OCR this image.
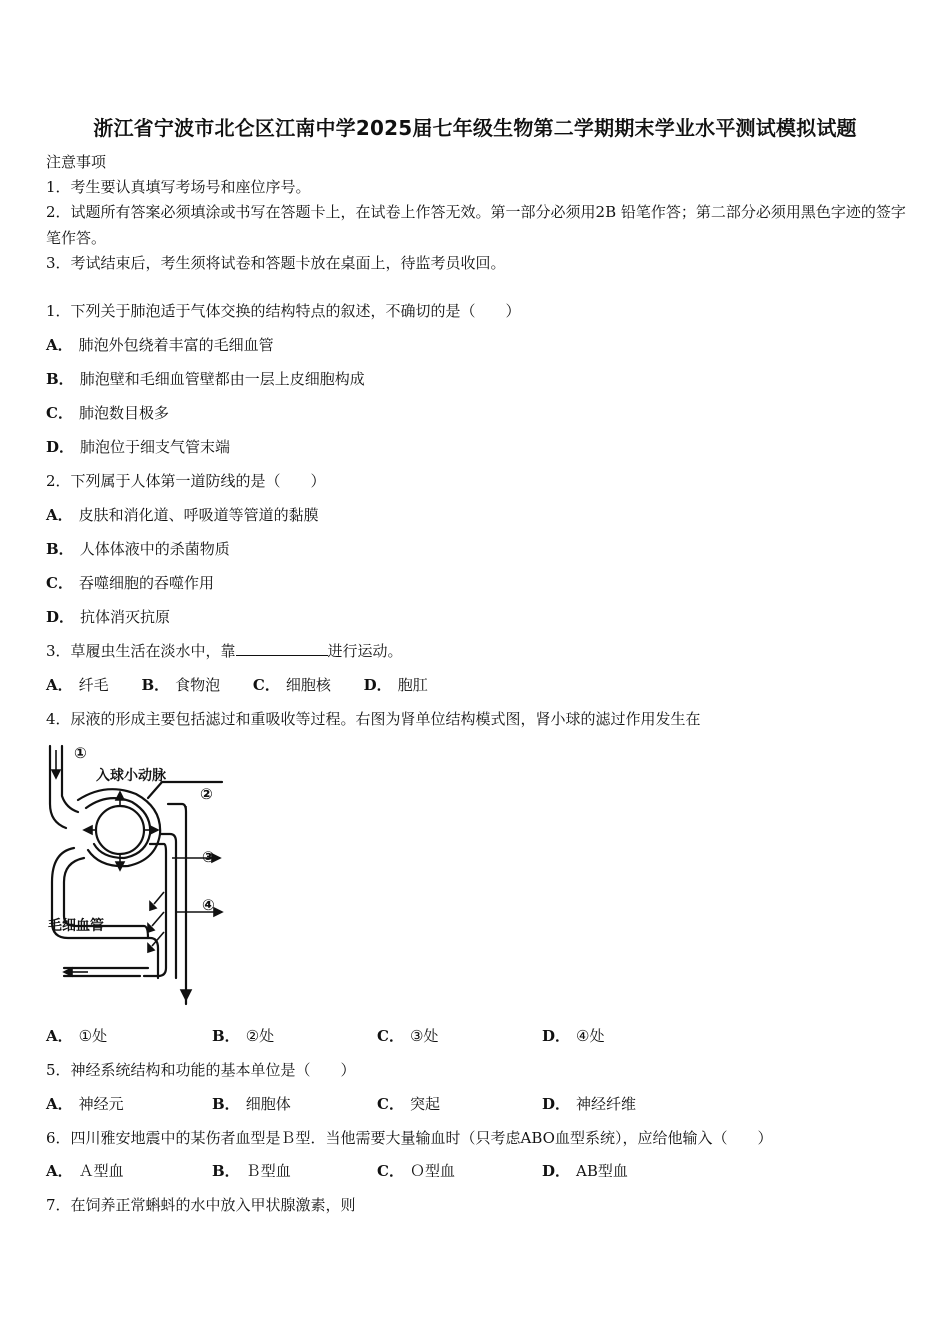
浙江省宁波市北仑区江南中学2025届七年级生物第二学期期末学业水平测试模拟试题
注意事项
1．考生要认真填写考场号和座位序号。
2．试题所有答案必须填涂或书写在答题卡上，在试卷上作答无效。第一部分必须用2B 铅笔作答；第二部分必须用黑色字迹的签字笔作答。
3．考试结束后，考生须将试卷和答题卡放在桌面上，待监考员收回。
1．下列关于肺泡适于气体交换的结构特点的叙述，不确切的是（　　）
A． 肺泡外包绕着丰富的毛细血管
B． 肺泡壁和毛细血管壁都由一层上皮细胞构成
C． 肺泡数目极多
D． 肺泡位于细支气管末端
2．下列属于人体第一道防线的是（　　）
A． 皮肤和消化道、呼吸道等管道的黏膜
B． 人体体液中的杀菌物质
C． 吞噬细胞的吞噬作用
D． 抗体消灭抗原
3．草履虫生活在淡水中，靠	进行运动。
A． 纤毛 B． 食物泡 C． 细胞核 D． 胞肛
4．尿液的形成主要包括滤过和重吸收等过程。右图为肾单位结构模式图，肾小球的滤过作用发生在
①
入球小动脉
②
③
④
毛细血管
A． ①处	B． ②处	C． ③处	D． ④处
5．神经系统结构和功能的基本单位是（　　）
A． 神经元	B． 细胞体	C． 突起	D． 神经纤维
6．四川雅安地震中的某伤者血型是Ｂ型．当他需要大量输血时（只考虑ABO血型系统），应给他输入（　　）
A． Ａ型血	B． Ｂ型血	C． Ｏ型血	D． AB型血
7．在饲养正常蝌蚪的水中放入甲状腺激素，则
